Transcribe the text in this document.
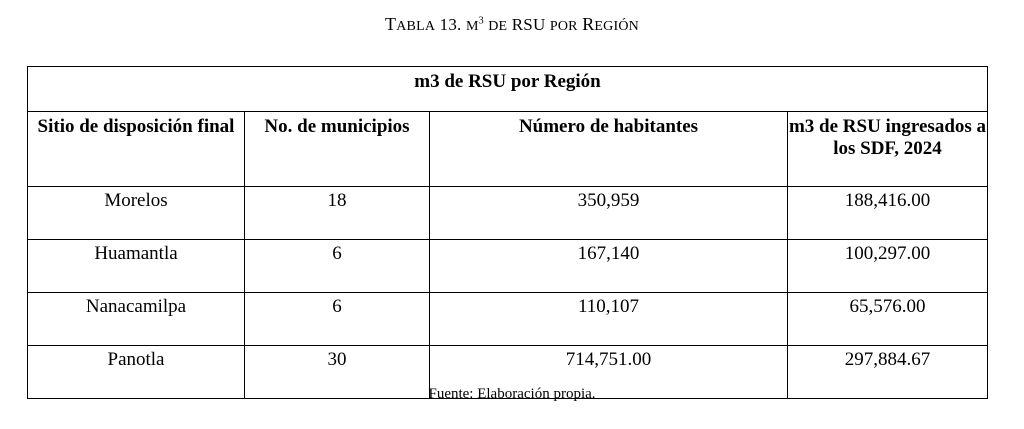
TABLA 13. $M^3$ DE RSU POR REGIÓN
m3 de RSU por Región			
Sitio de disposición final	No. de municipios	Número de habitantes	m3 de RSU ingresados a los SDF, 2024
Morelos	18	350,959	188,416.00
Huamantla	6	167,140	100,297.00
Nanacamilpa	6	110,107	65,576.00
Panotla	30	714,751.00	297,884.67
Fuente: Elaboración propia.
